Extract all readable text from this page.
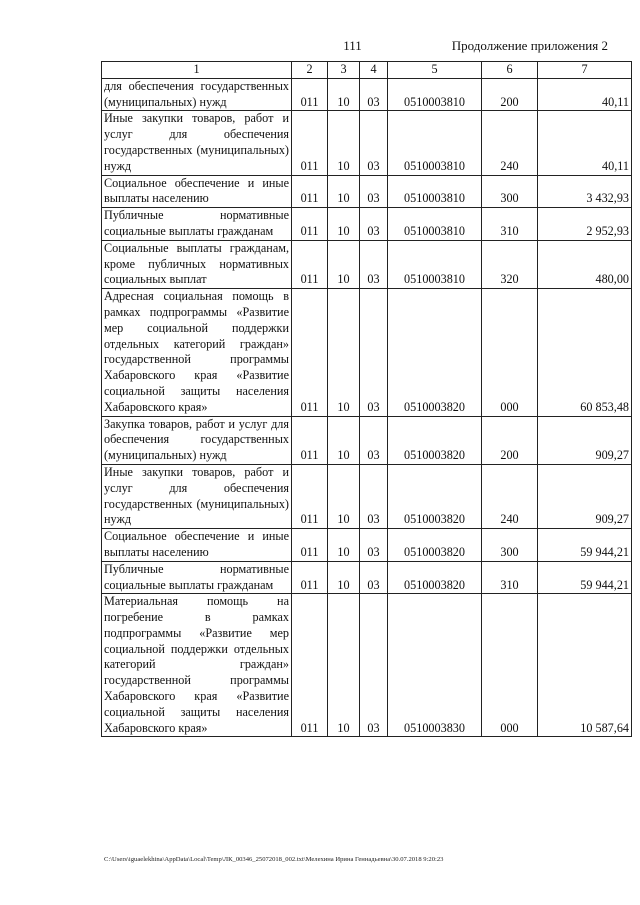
111	Продолжение приложения 2
1	2	3	4	5	6	7
для обеспечения государственных (муниципальных) нужд	011	10	03	0510003810	200	40,11
Иные закупки товаров, работ и услуг для обеспечения государственных (муниципальных) нужд	011	10	03	0510003810	240	40,11
Социальное обеспечение и иные выплаты населению	011	10	03	0510003810	300	3 432,93
Публичные нормативные социальные выплаты гражданам	011	10	03	0510003810	310	2 952,93
Социальные выплаты гражданам, кроме публичных нормативных социальных выплат	011	10	03	0510003810	320	480,00
Адресная социальная помощь в рамках подпрограммы «Развитие мер социальной поддержки отдельных категорий граждан» государственной программы Хабаровского края «Развитие социальной защиты населения Хабаровского края»	011	10	03	0510003820	000	60 853,48
Закупка товаров, работ и услуг для обеспечения государственных (муниципальных) нужд	011	10	03	0510003820	200	909,27
Иные закупки товаров, работ и услуг для обеспечения государственных (муниципальных) нужд	011	10	03	0510003820	240	909,27
Социальное обеспечение и иные выплаты населению	011	10	03	0510003820	300	59 944,21
Публичные нормативные социальные выплаты гражданам	011	10	03	0510003820	310	59 944,21
Материальная помощь на погребение в рамках подпрограммы «Развитие мер социальной поддержки отдельных категорий граждан» государственной программы Хабаровского края «Развитие социальной защиты населения Хабаровского края»	011	10	03	0510003830	000	10 587,64
C:\Users\iguaelekhina\AppData\Local\Temp\ЛК_00346_25072018_002.txt\Мелехина Ирина Геннадьевна\30.07.2018 9:20:23
